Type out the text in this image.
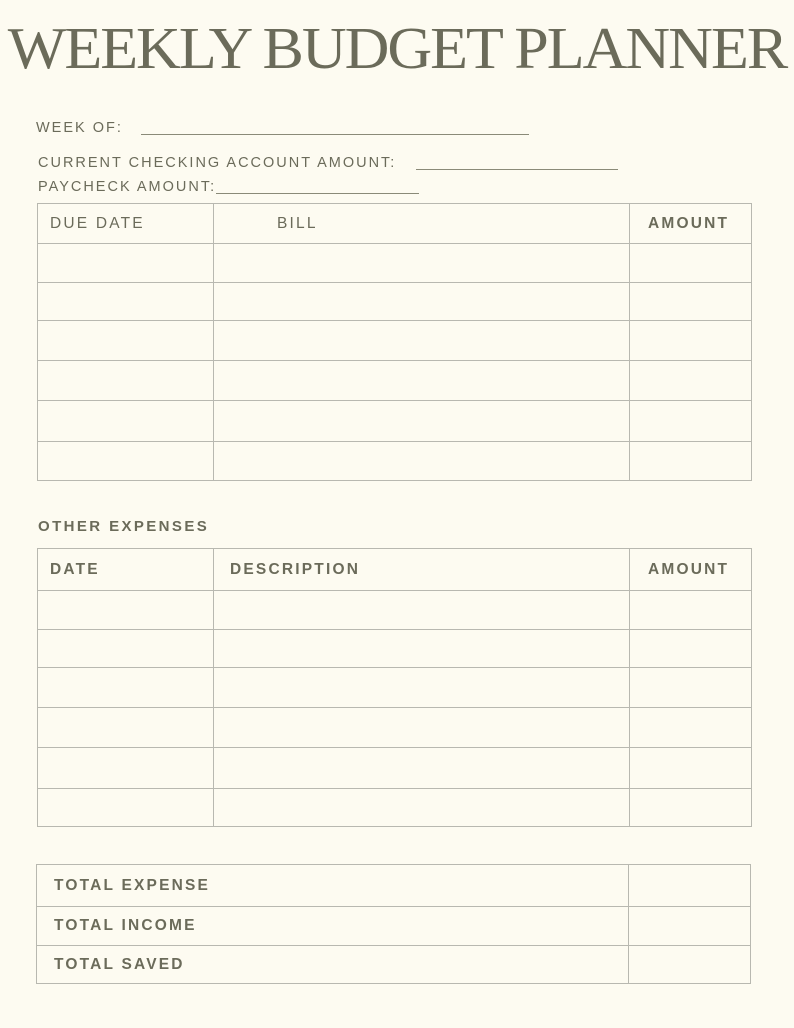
WEEKLY BUDGET PLANNER
WEEK OF:
CURRENT CHECKING ACCOUNT AMOUNT:
PAYCHECK AMOUNT:
DUE DATE	BILL	AMOUNT

OTHER EXPENSES
DATE	DESCRIPTION	AMOUNT

TOTAL EXPENSE	
TOTAL INCOME	
TOTAL SAVED	
